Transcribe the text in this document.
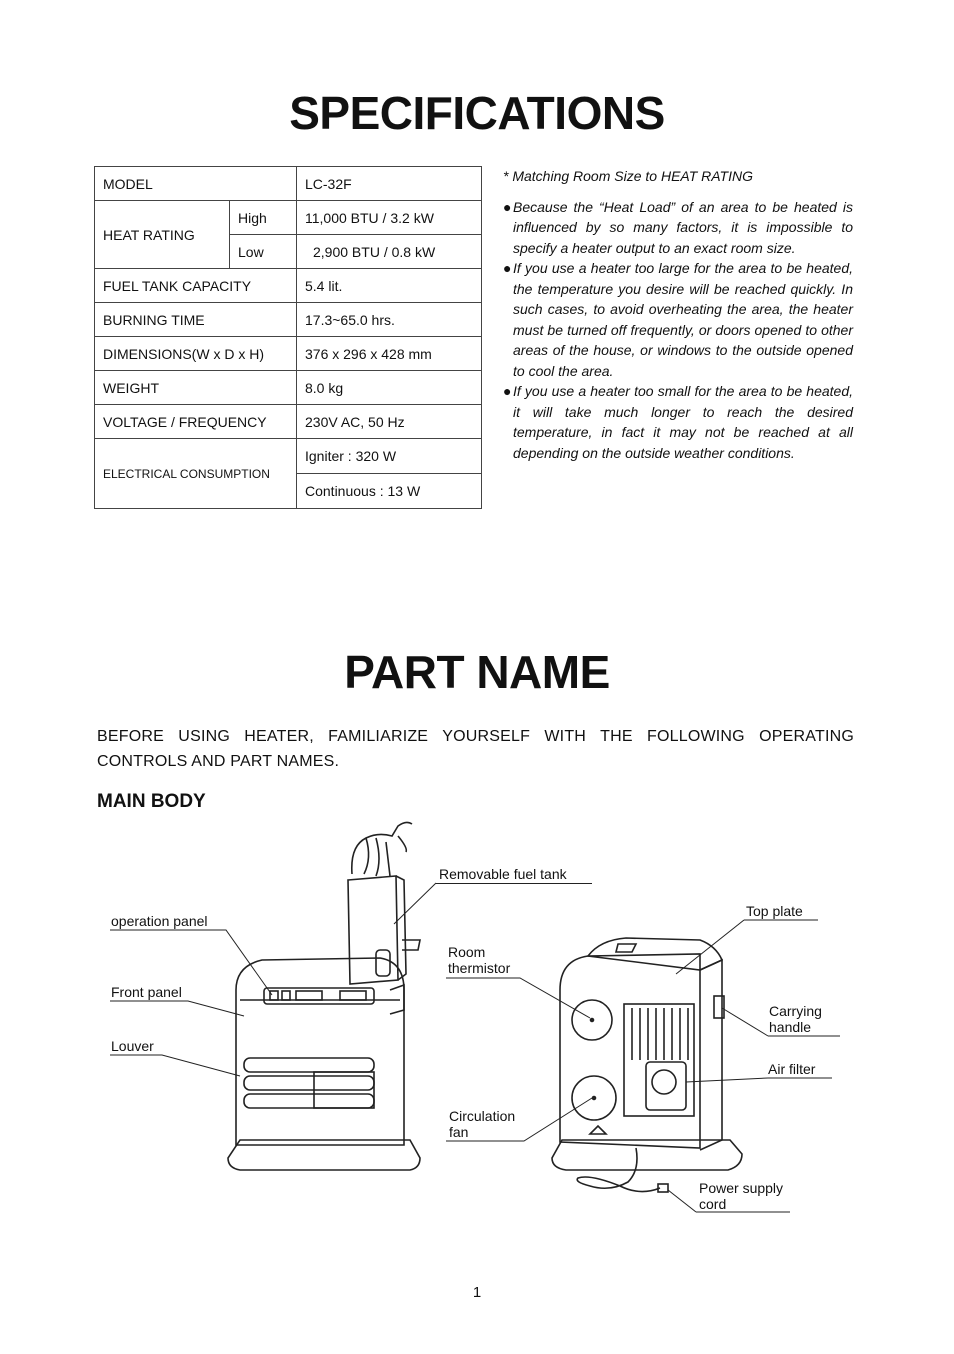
SPECIFICATIONS
MODEL		LC-32F
HEAT RATING	High	11,000 BTU / 3.2 kW
	Low	2,900 BTU / 0.8 kW
FUEL TANK CAPACITY		5.4 lit.
BURNING TIME		17.3~65.0 hrs.
DIMENSIONS(W x D x H)		376 x 296 x 428 mm
WEIGHT		8.0 kg
VOLTAGE / FREQUENCY		230V AC, 50 Hz
ELECTRICAL CONSUMPTION		Igniter : 320 W
		Continuous : 13 W

* Matching Room Size to HEAT RATING

● Because the “Heat Load” of an area to be heated is influenced by so many factors, it is impossible to specify a heater output to an exact room size.

● If you use a heater too large for the area to be heated, the temperature you desire will be reached quickly. In such cases, to avoid overheating the area, the heater must be turned off frequently, or doors opened to other areas of the house, or windows to the outside opened to cool the area.

● If you use a heater too small for the area to be heated, it will take much longer to reach the desired temperature, in fact it may not be reached at all depending on the outside weather conditions.

PART NAME
BEFORE USING HEATER, FAMILIARIZE YOURSELF WITH THE FOLLOWING OPERATING CONTROLS AND PART NAMES.
MAIN BODY
Removable fuel tank
operation panel
Front panel
Louver
Room
thermistor
Top plate
Carrying
handle
Air filter
Circulation
fan
Power supply
cord
1
